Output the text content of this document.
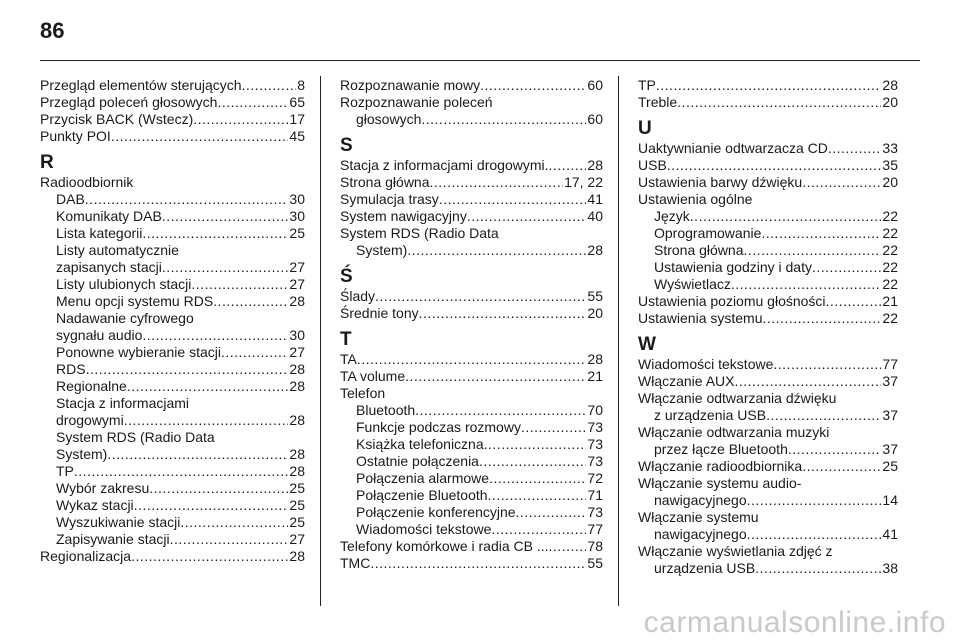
86
Przegląd elementów sterujących .....	8
Przegląd poleceń głosowych .....	65
Przycisk BACK (Wstecz) .....	17
Punkty POI .....	45
R
Radioodbiornik
DAB .....	30
Komunikaty DAB .....	30
Lista kategorii .....	25
Listy automatycznie
zapisanych stacji .....	27
Listy ulubionych stacji .....	27
Menu opcji systemu RDS .....	28
Nadawanie cyfrowego
sygnału audio .....	30
Ponowne wybieranie stacji .....	27
RDS .....	28
Regionalne .....	28
Stacja z informacjami
drogowymi .....	28
System RDS (Radio Data
System) .....	28
TP .....	28
Wybór zakresu .....	25
Wykaz stacji .....	25
Wyszukiwanie stacji .....	25
Zapisywanie stacji .....	27
Regionalizacja .....	28
Rozpoznawanie mowy .....	60
Rozpoznawanie poleceń
głosowych .....	60
S
Stacja z informacjami drogowymi. .....	28
Strona główna .....	17, 22
Symulacja trasy .....	41
System nawigacyjny .....	40
System RDS (Radio Data
System) .....	28
Ś
Ślady .....	55
Średnie tony .....	20
T
TA .....	28
TA volume .....	21
Telefon
Bluetooth .....	70
Funkcje podczas rozmowy .....	73
Książka telefoniczna .....	73
Ostatnie połączenia .....	73
Połączenia alarmowe .....	72
Połączenie Bluetooth .....	71
Połączenie konferencyjne .....	73
Wiadomości tekstowe .....	77
Telefony komórkowe i radia CB ... .....	78
TMC .....	55
TP .....	28
Treble .....	20
U
Uaktywnianie odtwarzacza CD .....	33
USB .....	35
Ustawienia barwy dźwięku .....	20
Ustawienia ogólne
Język .....	22
Oprogramowanie .....	22
Strona główna .....	22
Ustawienia godziny i daty .....	22
Wyświetlacz .....	22
Ustawienia poziomu głośności .....	21
Ustawienia systemu .....	22
W
Wiadomości tekstowe .....	77
Włączanie AUX .....	37
Włączanie odtwarzania dźwięku
z urządzenia USB .....	37
Włączanie odtwarzania muzyki
przez łącze Bluetooth .....	37
Włączanie radioodbiornika .....	25
Włączanie systemu audio-
nawigacyjnego .....	14
Włączanie systemu
nawigacyjnego .....	41
Włączanie wyświetlania zdjęć z
urządzenia USB .....	38
carmanualsonline.info
